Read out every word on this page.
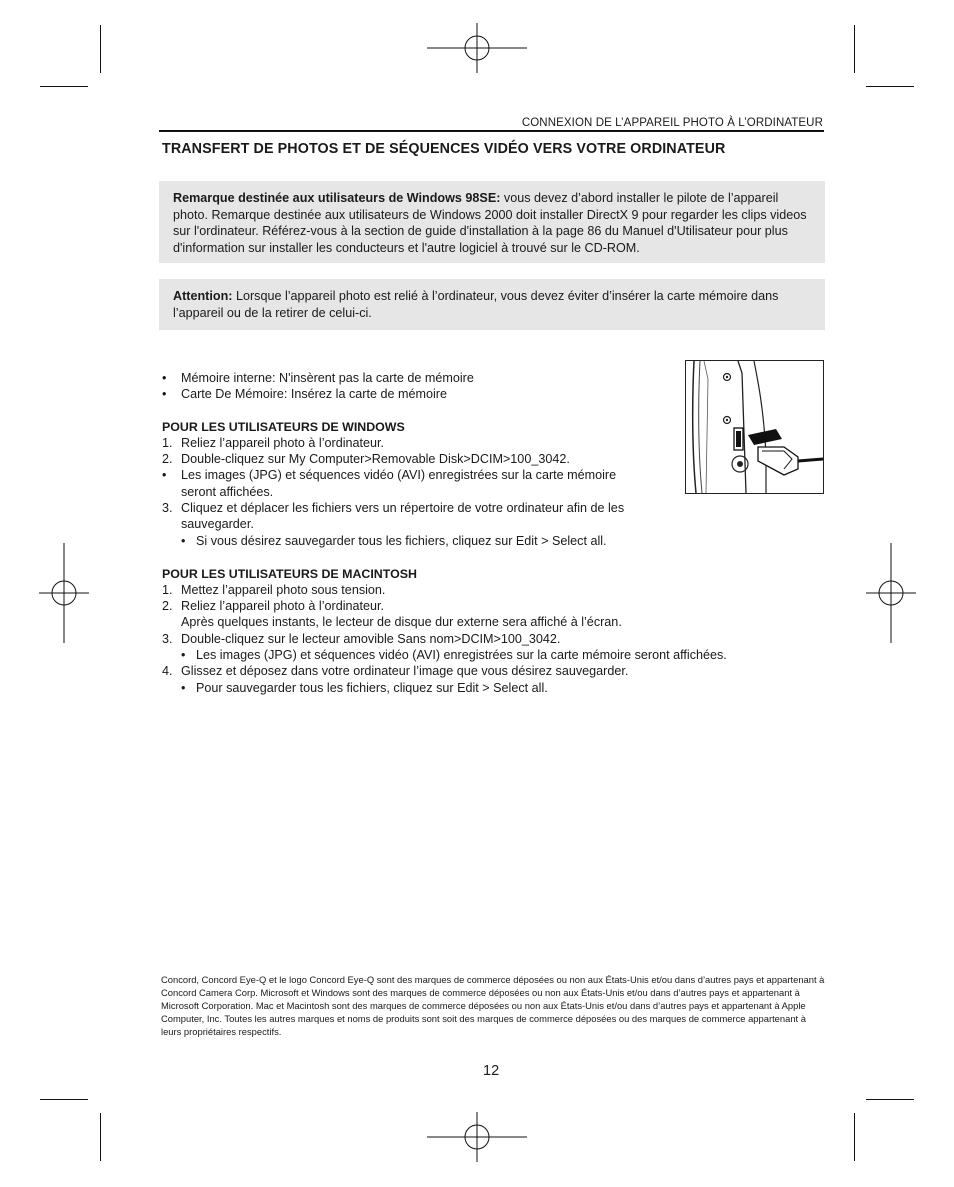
CONNEXION DE L’APPAREIL PHOTO À L’ORDINATEUR
TRANSFERT DE PHOTOS ET DE SÉQUENCES VIDÉO VERS VOTRE ORDINATEUR
Remarque destinée aux utilisateurs de Windows 98SE: vous devez d’abord installer le pilote de l’appareil photo. Remarque destinée aux utilisateurs de Windows 2000 doit installer DirectX 9 pour regarder les clips videos sur l'ordinateur. Référez-vous à la section de guide d'installation à la page 86 du Manuel d'Utilisateur pour plus d'information sur installer les conducteurs et l'autre logiciel à trouvé sur le CD-ROM.
Attention: Lorsque l’appareil photo est relié à l’ordinateur, vous devez éviter d’insérer la carte mémoire dans l’appareil ou de la retirer de celui-ci.
• Mémoire interne: N'insèrent pas la carte de mémoire
• Carte De Mémoire: Insérez la carte de mémoire
POUR LES UTILISATEURS DE WINDOWS
1. Reliez l’appareil photo à l’ordinateur.
2. Double-cliquez sur My Computer>Removable Disk>DCIM>100_3042.
• Les images (JPG) et séquences vidéo (AVI) enregistrées sur la carte mémoire
seront affichées.
3. Cliquez et déplacer les fichiers vers un répertoire de votre ordinateur afin de les
sauvegarder.
• Si vous désirez sauvegarder tous les fichiers, cliquez sur Edit > Select all.
POUR LES UTILISATEURS DE MACINTOSH
1. Mettez l’appareil photo sous tension.
2. Reliez l’appareil photo à l’ordinateur.
Après quelques instants, le lecteur de disque dur externe sera affiché à l’écran.
3. Double-cliquez sur le lecteur amovible Sans nom>DCIM>100_3042.
• Les images (JPG) et séquences vidéo (AVI) enregistrées sur la carte mémoire seront affichées.
4. Glissez et déposez dans votre ordinateur l’image que vous désirez sauvegarder.
• Pour sauvegarder tous les fichiers, cliquez sur Edit > Select all.
Concord, Concord Eye-Q et le logo Concord Eye-Q sont des marques de commerce déposées ou non aux États-Unis et/ou dans d’autres pays et appartenant à Concord Camera Corp. Microsoft et Windows sont des marques de commerce déposées ou non aux États-Unis et/ou dans d’autres pays et appartenant à Microsoft Corporation. Mac et Macintosh sont des marques de commerce déposées ou non aux États-Unis et/ou dans d’autres pays et appartenant à Apple Computer, Inc. Toutes les autres marques et noms de produits sont soit des marques de commerce déposées ou des marques de commerce appartenant à leurs propriétaires respectifs.
12
